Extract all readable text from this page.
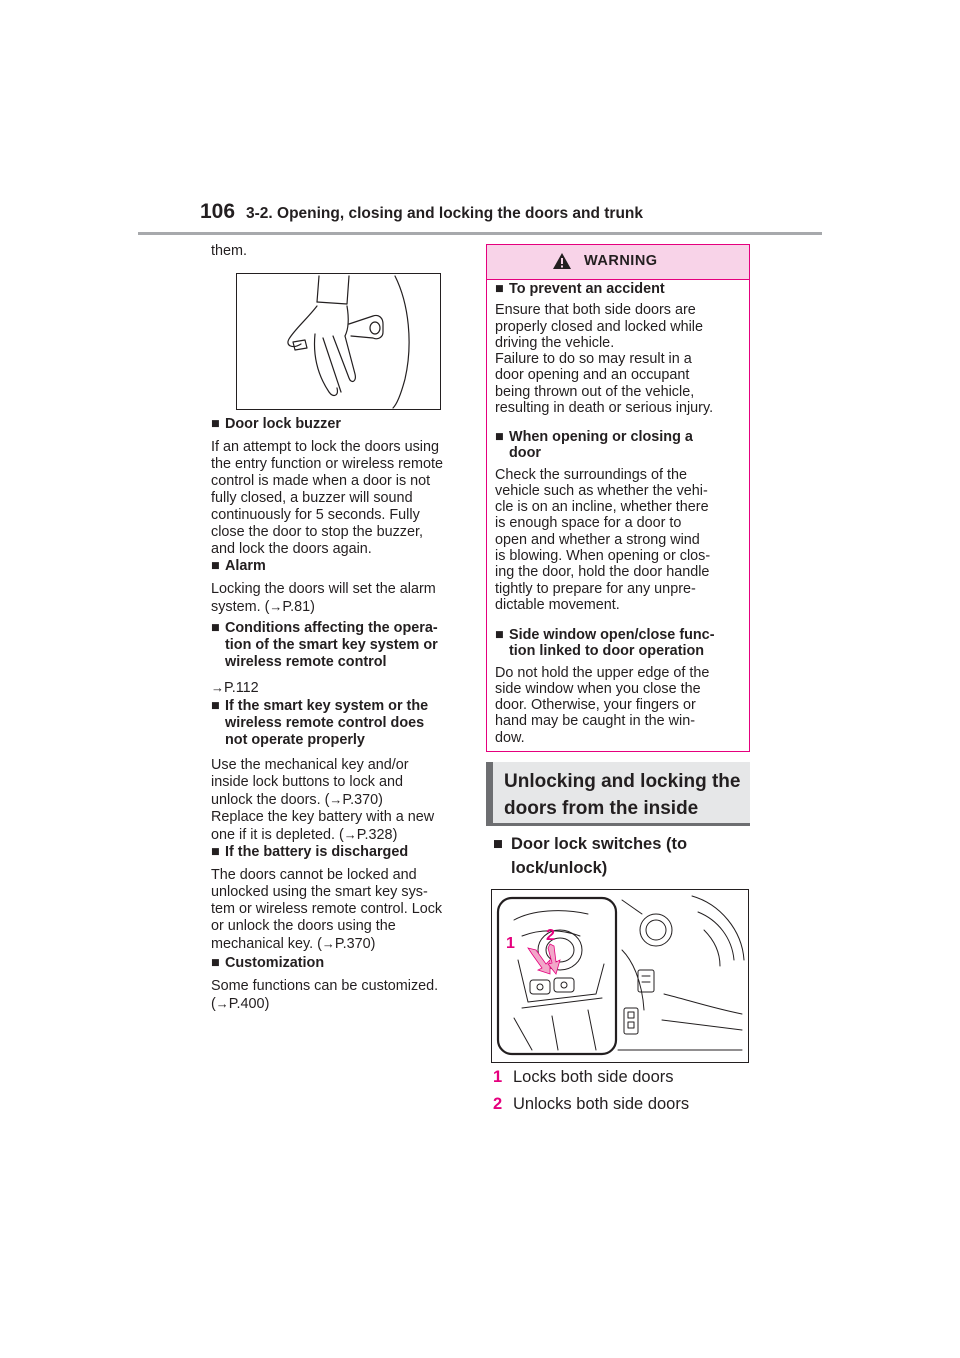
106 3-2. Opening, closing and locking the doors and trunk
them.
■ Door lock buzzer
If an attempt to lock the doors using
the entry function or wireless remote
control is made when a door is not
fully closed, a buzzer will sound
continuously for 5 seconds. Fully
close the door to stop the buzzer,
and lock the doors again.
■ Alarm
Locking the doors will set the alarm
system. (→P.81)
■ Conditions affecting the opera-
tion of the smart key system or
wireless remote control
→P.112
■ If the smart key system or the
wireless remote control does
not operate properly
Use the mechanical key and/or
inside lock buttons to lock and
unlock the doors. (→P.370)
Replace the key battery with a new
one if it is depleted. (→P.328)
■ If the battery is discharged
The doors cannot be locked and
unlocked using the smart key sys-
tem or wireless remote control. Lock
or unlock the doors using the
mechanical key. (→P.370)
■ Customization
Some functions can be customized.
(→P.400)
WARNING
■ To prevent an accident
Ensure that both side doors are
properly closed and locked while
driving the vehicle.
Failure to do so may result in a
door opening and an occupant
being thrown out of the vehicle,
resulting in death or serious injury.
■ When opening or closing a
door
Check the surroundings of the
vehicle such as whether the vehi-
cle is on an incline, whether there
is enough space for a door to
open and whether a strong wind
is blowing. When opening or clos-
ing the door, hold the door handle
tightly to prepare for any unpre-
dictable movement.
■ Side window open/close func-
tion linked to door operation
Do not hold the upper edge of the
side window when you close the
door. Otherwise, your fingers or
hand may be caught in the win-
dow.
Unlocking and locking the
doors from the inside
■ Door lock switches (to
lock/unlock)
1 2
1 Locks both side doors
2 Unlocks both side doors
